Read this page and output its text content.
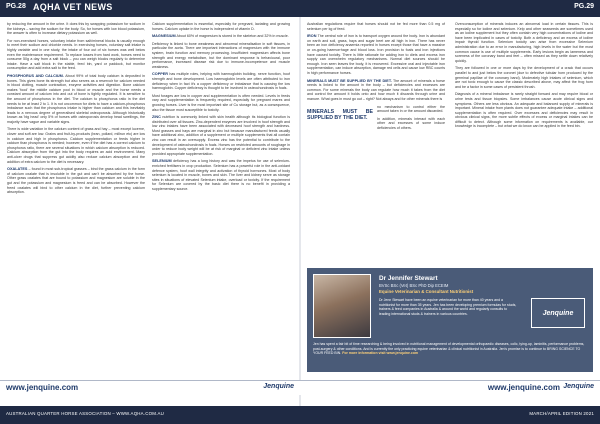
PG.28 AQHA VET NEWS	PG.29

by reducing the amount in the urine. It does this by swapping potassium for sodium in the kidneys – saving the sodium for the body. So, for horses with low blood potassium, the answer is often to increase dietary potassium as well.

For non-exercised horses, voluntary intake from salt/mineral blocks is usually enough to meet their sodium and chloride needs. In exercising horses, voluntary salt intake is highly variable and in one study, the intake of four out of six horses was well below even the maintenance requirement. To replace losses from hard work, horses need to consume 50g a day from a salt block – you can weigh blocks regularly to determine intake. Have a salt block in the stable, feed bin, yard or paddock, but monitor consumption and add extra salt to the feed.

PHOSPHORUS AND CALCIUM. About 99% of total body calcium is deposited in bones. This gives bone its strength but also serves as a reservoir for calcium needed in blood clotting, muscle contraction, enzyme activities and digestion. Bone calcium makes 'food' the middle calcium pool in blood or muscle and the horse needs a constant amount of calcium into and out of bone is tightly regulated. It is sensitive to the amount of phosphorus in the diet. The calcium to phosphorus ratio in the diet needs to be at least 2 to 1. It is not uncommon for diets to have a calcium-phosphorus imbalance such that the phosphorus intake is higher than calcium and this inevitably leads to a nervous degree of generalised skeletal osteoporosis. Although historically known as 'big head' only 5% of horses with osteoporosis develop head swellings, the majority have vague and variable signs.

There is wide variation in the calcium content of grass and hay – most except lucerne, clover and soft are low. Grains and fruit-by-products (bran, pollard, millrun etc) are low in calcium and high in phosphorus. Calcium supplementation or feeds higher in calcium than phosphorus is needed; however, even if the diet has a correct calcium to phosphorus ratio, there are several situations in which calcium absorption is reduced. Calcium absorption from the gut into the body requires an acid environment. Many anti-ulcer drugs that suppress gut acidity also reduce calcium absorption and the addition of extra calcium to the diet is necessary.

OXALATES – found in most sub-tropical grasses – bind the grass calcium in the form of calcium oxalate that is insoluble in the gut and can't be absorbed by the horse. Other grass oxalates that are bound to potassium and magnesium are soluble in the gut and the potassium and magnesium is freed and can be absorbed. However the freed oxalates will bind to other calcium in the diet, further preventing calcium absorption.

Calcium supplementation is essential, especially for pregnant, lactating and growing horses. Calcium uptake in the horse is independent of vitamin D.

MAGNESIUM About 60% of magnesium is stored in the skeleton and 32% in muscle.

Deficiency is linked to bone weakness and abnormal mineralisation in soft tissues, in particular the aorta. There are important interactions of magnesium with the immune system, brain function and memory processing. Insufficient magnesium affects bone strength and energy metabolism, but the dominant response is behavioural, poor performance, increased disease risk due to immune-incompetence and muscle weakness.

COPPER has multiple roles, helping with haemoglobin building, nerve function, hoof strength and bone development. Low haemoglobin levels are often attributed to iron deficiency when in fact it's a copper deficiency or imbalance that is causing the low haemoglobin. Copper deficiency is thought to be involved in osteochondrosis in foals.

Most forages are low in copper and supplementation is often needed. Levels in feeds vary and supplementation is frequently required, especially for pregnant mares and growing horses. Liver is the most important site of Cu storage but, as a consequence, also the tissue most susceptible to toxicity.

ZINC nutrition is commonly linked with skin health although its biological function is distributed over all tissues. Zinc-dependent enzymes are involved in hoof strength and low zinc intakes have been associated with decreased hoof strength and hardness. Most grasses and hays are marginal in zinc but because manufactured feeds usually have additional zinc, addition of a supplement or multiple supplements that all contain zinc can result in an oversupply. Excess zinc has the potential to contribute to the development of osteochondrosis in foals. Horses on restricted amounts of roughage in order to reduce body weight will be at risk of marginal or deficient zinc intake unless provided appropriate supplementation.

SELENIUM deficiency has a long history and was the impetus for use of selenium-enriched fertilisers in crop production. Selenium has a powerful role in the anti-oxidant defence system, hoof wall integrity and activation of thyroid hormones. Most of body selenium is located in muscle, bones and skin. The liver and kidney serve as storage sites in situations of elevated Selenium intake, overload or toxicity. If the requirement for Selenium are covered by the basic diet there is no benefit in providing a supplementary source.

Australian regulations require that horses should not be fed more than 0.5 mg of selenium per kg of feed.

IRON The central role of iron is to transport oxygen around the body. Iron is abundant on earth and soil, grass, hays and sugar beet are all high in iron. There has never been an iron deficiency anaemia reported in horses except those that have a massive or on-going haemorrhage and blood loss. Iron provision to foals and iron injections have caused toxicity. There is little rationale for adding iron to diets and excess iron supply can overwhelm regulatory mechanisms. Normal diet sources should be enough. Iron seen leaves the body, it is recovered. Excessive oral and injectable iron supplementation, can induce absorption, damage red cells and cause low RBC counts in high performance horses.

MINERALS MUST BE SUPPLIED BY THE DIET. The amount of minerals a horse needs is linked to the amount in the body – but deficiencies and excesses are common. For some minerals the body can regulate how much it takes from the diet and control the amount it holds onto and how much it discards through urine and manure. What goes in must go out – right? Not always and for other minerals there is

MINERALS MUST BE SUPPLIED BY THE DIET.

no mechanism to control either the amount taken in or the amount discarded.

In addition, minerals interact with each other and excesses of some induce deficiencies of others.

Overconsumption of minerals induces an abnormal load in certain tissues. This is especially so for iodine and selenium. Kelp and other seaweeds are sometimes used as an iodine supplement but they often contain very high concentrations of iodine and have been implicated in cases of toxicity. Both a deficiency and an excess of iodine impair thyroid function. Selenium toxicity can arise from excessive Selenium administration due to an error in manufacturing, high levels in the water but the most common cause is use of multiple supplements. Early lesions begin as lameness and soreness of the coronary band and feet – often missed as they settle down relatively quickly.

They are followed in one or more days by the development of a crack that occurs parallel to and just below the coronet (due to defective tubular horn produced by the germinal papillae of the coronary band). Moderately high intakes of selenium, which are not toxic enough to cause the classic described above, may affect the frog horn and be a factor in some cases of persistent thrush.

Diagnosis of a mineral imbalance is rarely straight forward and may require blood or urine tests and tissue biopsies. Some imbalances cause acute clinical signs and symptoms. Others are less obvious. An adequate and balanced supply of minerals is important. Mineral intake from plants does not guarantee adequate intake – additional supplementation is often required. Over excesses and deficiencies may result in obvious clinical signs, the more subtle effects of excess or marginal intakes can be difficult to detect. Although some information on requirements is available, our knowledge is incomplete – but what we do know can be applied in the feed bin.

Dr Jennifer Stewart
BVSc BSc (Vet) BSc PhD Dip ECEIM
Equine Veterinarian & Consultant Nutritionist
Dr Jenn Stewart have been an equine veterinarian for more than 40 years and a nutritionist for more than 35 years. Jen has been developing premium formulas for studs, trainers & feed companies in Australia & around the world and regularly consults to leading international studs & trainers in various countries.	Jenquine
Jen has spent a fair bit of time researching & being involved in nutritional management of developmental orthopaedic diseases, colic, tying-up, laminitis, performance problems, post-surgery & other conditions. And is currently the only practicing equine veterinarian & clinical nutritionist in Australia. Jen's promise is to continue to BRING SCIENCE TO YOUR FEED BIN. For more information visit www.jenquine.com
www.jenquine.com	Jenquine	www.jenquine.com Jenquine
AUSTRALIAN QUARTER HORSE ASSOCIATION – WWW.AQHA.COM.AU	MARCH/APRIL EDITION 2021
